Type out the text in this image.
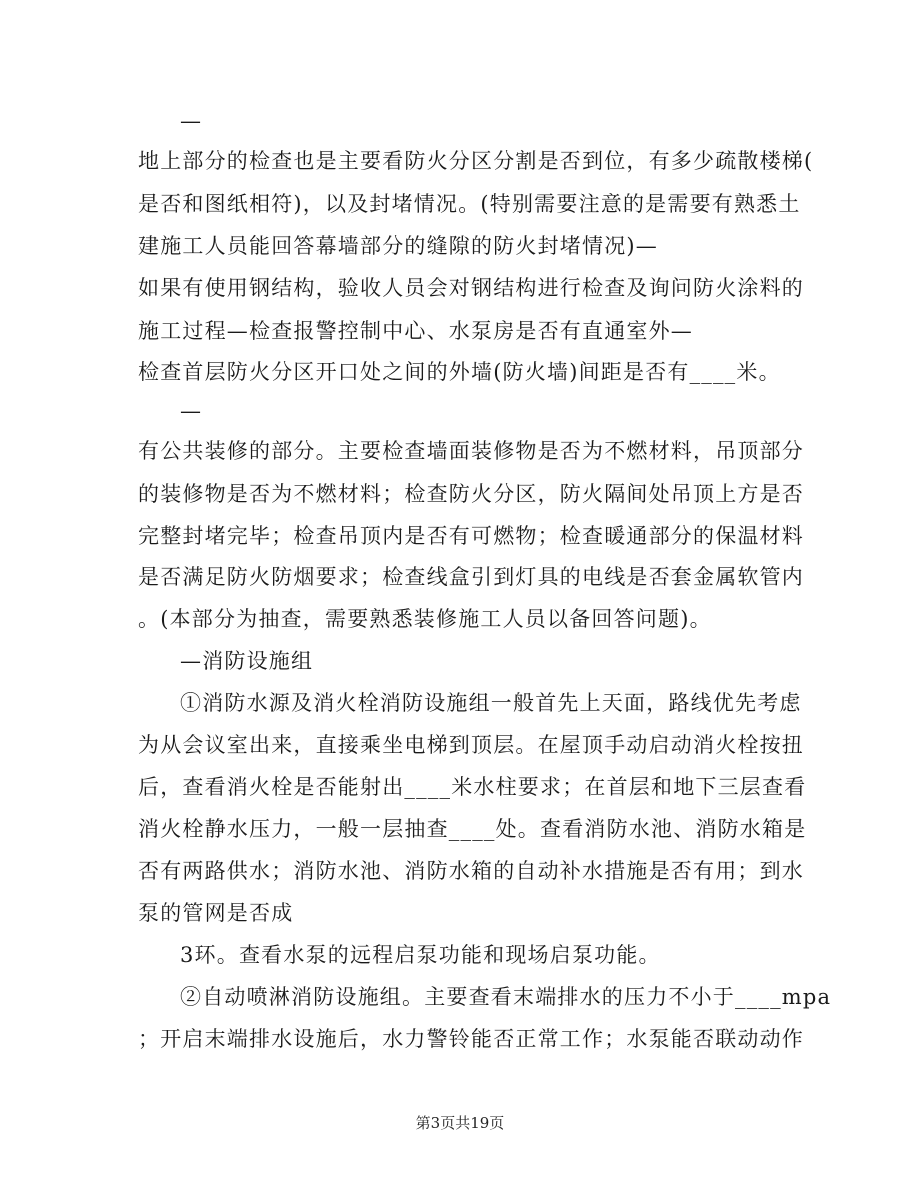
—
地上部分的检查也是主要看防火分区分割是否到位，有多少疏散楼梯(
是否和图纸相符)，以及封堵情况。(特别需要注意的是需要有熟悉土
建施工人员能回答幕墙部分的缝隙的防火封堵情况)—
如果有使用钢结构，验收人员会对钢结构进行检查及询问防火涂料的
施工过程—检查报警控制中心、水泵房是否有直通室外—
检查首层防火分区开口处之间的外墙(防火墙)间距是否有____米。
—
有公共装修的部分。主要检查墙面装修物是否为不燃材料，吊顶部分
的装修物是否为不燃材料；检查防火分区，防火隔间处吊顶上方是否
完整封堵完毕；检查吊顶内是否有可燃物；检查暖通部分的保温材料
是否满足防火防烟要求；检查线盒引到灯具的电线是否套金属软管内
。(本部分为抽查，需要熟悉装修施工人员以备回答问题)。
—消防设施组
①消防水源及消火栓消防设施组一般首先上天面，路线优先考虑
为从会议室出来，直接乘坐电梯到顶层。在屋顶手动启动消火栓按扭
后，查看消火栓是否能射出____米水柱要求；在首层和地下三层查看
消火栓静水压力，一般一层抽查____处。查看消防水池、消防水箱是
否有两路供水；消防水池、消防水箱的自动补水措施是否有用；到水
泵的管网是否成
3环。查看水泵的远程启泵功能和现场启泵功能。
②自动喷淋消防设施组。主要查看末端排水的压力不小于____mpa
；开启末端排水设施后，水力警铃能否正常工作；水泵能否联动动作
第3页共19页
